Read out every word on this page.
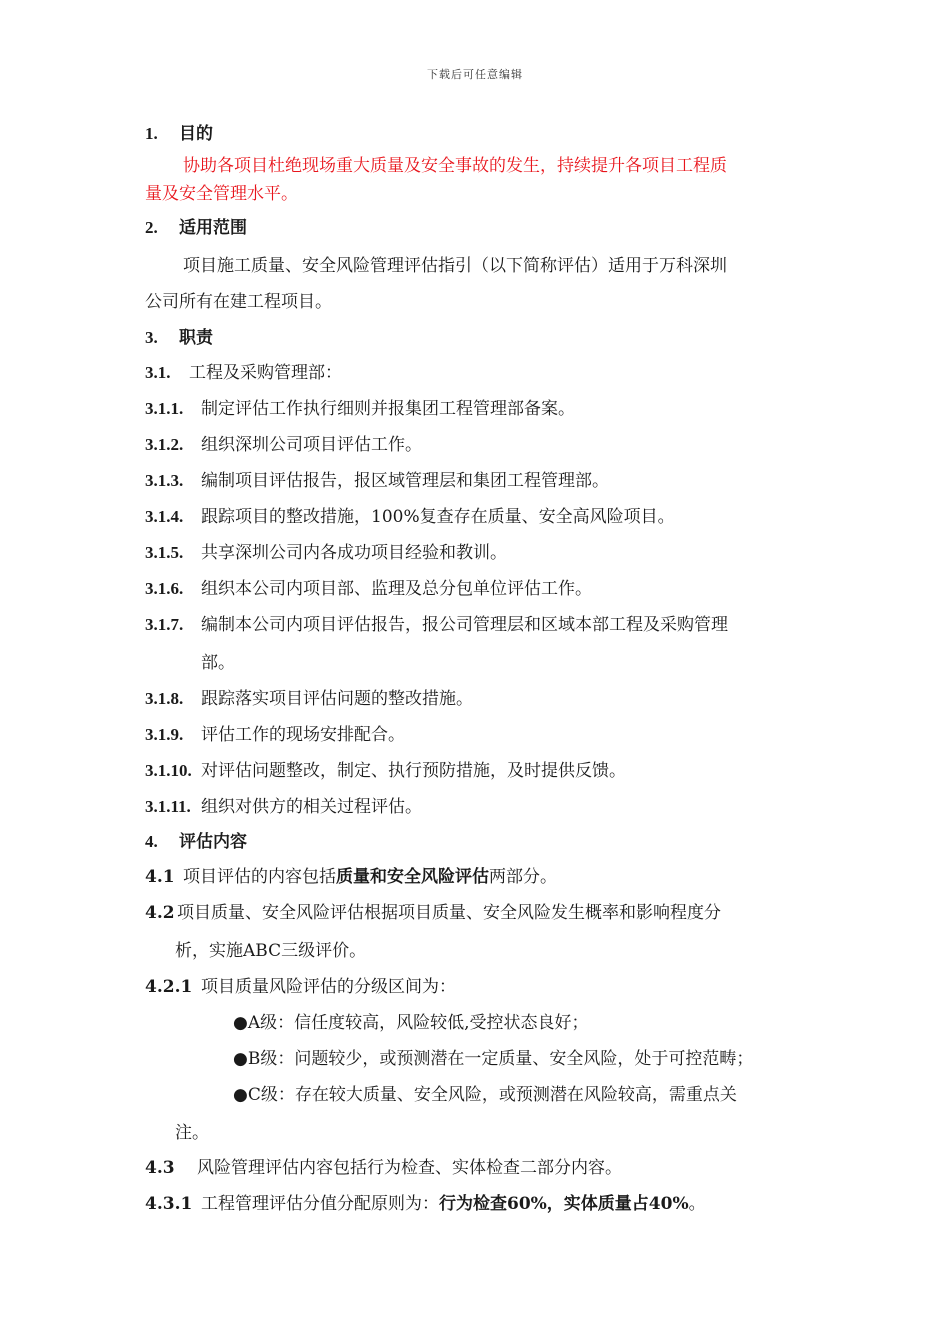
下载后可任意编辑
1. 目的
协助各项目杜绝现场重大质量及安全事故的发生，持续提升各项目工程质
量及安全管理水平。
2. 适用范围
项目施工质量、安全风险管理评估指引（以下简称评估）适用于万科深圳
公司所有在建工程项目。
3. 职责
3.1. 工程及采购管理部：
3.1.1. 制定评估工作执行细则并报集团工程管理部备案。
3.1.2. 组织深圳公司项目评估工作。
3.1.3. 编制项目评估报告，报区域管理层和集团工程管理部。
3.1.4. 跟踪项目的整改措施，100%复查存在质量、安全高风险项目。
3.1.5. 共享深圳公司内各成功项目经验和教训。
3.1.6. 组织本公司内项目部、监理及总分包单位评估工作。
3.1.7. 编制本公司内项目评估报告，报公司管理层和区域本部工程及采购管理
部。
3.1.8. 跟踪落实项目评估问题的整改措施。
3.1.9. 评估工作的现场安排配合。
3.1.10. 对评估问题整改，制定、执行预防措施，及时提供反馈。
3.1.11. 组织对供方的相关过程评估。
4. 评估内容
4.1 项目评估的内容包括质量和安全风险评估两部分。
4.2 项目质量、安全风险评估根据项目质量、安全风险发生概率和影响程度分
析，实施ABC三级评价。
4.2.1 项目质量风险评估的分级区间为：
●A级：信任度较高，风险较低,受控状态良好；
●B级：问题较少，或预测潜在一定质量、安全风险，处于可控范畴；
●C级：存在较大质量、安全风险，或预测潜在风险较高，需重点关
注。
4.3 风险管理评估内容包括行为检查、实体检查二部分内容。
4.3.1 工程管理评估分值分配原则为：行为检查60%，实体质量占40%。
